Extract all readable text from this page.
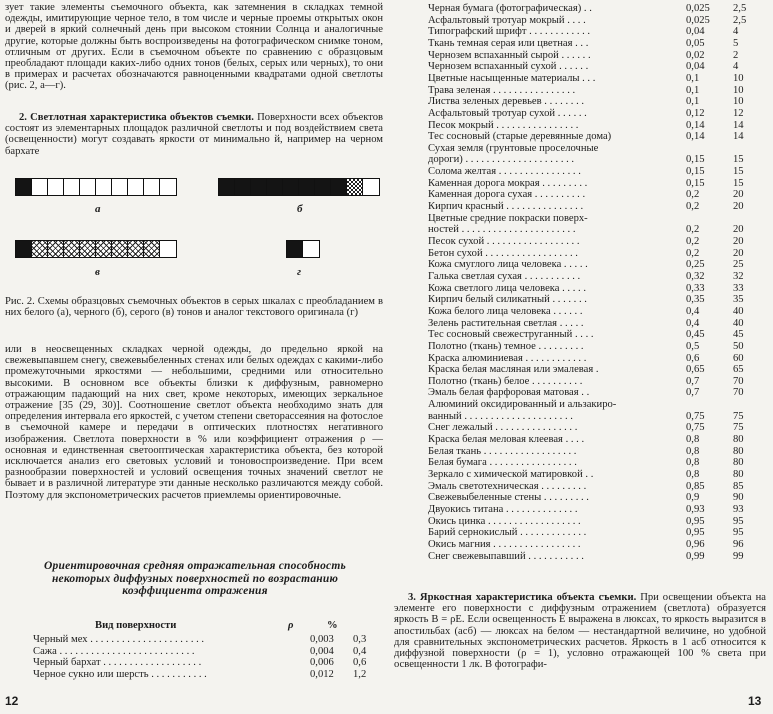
зует такие элементы съемочного объекта, как затемнения в складках темной одежды, имитирующие черное тело, в том числе и черные проемы открытых окон и дверей в яркий солнечный день при высоком стоянии Солнца и аналогичные другие, которые должны быть воспроизведены на фотографическом снимке тоном, отличным от других. Если в съемочном объекте по сравнению с образцовым преобладают площади каких-либо одних тонов (белых, серых или черных), то они в примерах и расчетах обозначаются равноценными квадратами одной светлоты (рис. 2, а—г).

2. Светлотная характеристика объектов съемки. Поверхности всех объектов состоят из элементарных площадок различной светлоты и под воздействием света (освещенности) могут создавать яркости от минимально й, например на черном бархате

а	б
в	г
Рис. 2. Схемы образцовых съемочных объектов в серых шкалах с преобладанием в них белого (а), черного (б), серого (в) тонов и аналог текстового оригинала (г)

или в неосвещенных складках черной одежды, до предельно яркой на свежевыпавшем снегу, свежевыбеленных стенах или белых одеждах с какими-либо промежуточными яркостями — небольшими, средними или относительно высокими. В основном все объекты близки к диффузным, равномерно отражающим падающий на них свет, кроме некоторых, имеющих зеркальное отражение [35 (29, 30)]. Соотношение светлот объекта необходимо знать для определения интервала его яркостей, с учетом степени светорассеяния на фотослое в съемочной камере и передачи в оптических плотностях негативного изображения. Светлота поверхности в % или коэффициент отражения ρ — основная и единственная светооптическая характеристика объекта, без которой исключается анализ его световых условий и тоновоспроизведение. При всем разнообразии поверхностей и условий освещения точных значений светлот не бывает и в различной литературе эти данные несколько различаются между собой. Поэтому для экспонометрических расчетов приемлемы ориентировочные.

Ориентировочная средняя отражательная способность некоторых диффузных поверхностей по возрастанию коэффициента отражения
Вид поверхности	ρ	%
Черный мех . . . . . . . . . . . . . . . . . . . . . .	0,003 0,3
Сажа . . . . . . . . . . . . . . . . . . . . . . . . . .	0,004 0,4
Черный бархат . . . . . . . . . . . . . . . . . . .	0,006 0,6
Черное сукно или шерсть . . . . . . . . . . .	0,012 1,2
12
Черная бумага (фотографическая) . .	0,025 2,5
Асфальтовый тротуар мокрый . . . .	0,025 2,5
Типографский шрифт . . . . . . . . . . . .	0,04	4
Ткань темная серая или цветная . . .	0,05	5
Чернозем вспаханный сырой . . . . . .	0,02	2
Чернозем вспаханный сухой . . . . . .	0,04	4
Цветные насыщенные материалы . . .	0,1	10
Трава зеленая . . . . . . . . . . . . . . . .	0,1	10
Листва зеленых деревьев . . . . . . . .	0,1	10
Асфальтовый тротуар сухой . . . . . .	0,12	12
Песок мокрый . . . . . . . . . . . . . . . .	0,14	14
Тес сосновый (старые деревянные дома)	0,14	14
Сухая земля (грунтовые проселочные
дороги) . . . . . . . . . . . . . . . . . . . . .	0,15	15
Солома желтая . . . . . . . . . . . . . . . .	0,15	15
Каменная дорога мокрая . . . . . . . . .	0,15	15
Каменная дорога сухая . . . . . . . . . .	0,2	20
Кирпич красный . . . . . . . . . . . . . . .	0,2	20
Цветные средние покраски поверх-
ностей . . . . . . . . . . . . . . . . . . . . . .	0,2	20
Песок сухой . . . . . . . . . . . . . . . . . .	0,2	20
Бетон сухой . . . . . . . . . . . . . . . . . .	0,2	20
Кожа смуглого лица человека . . . . .	0,25	25
Галька светлая сухая . . . . . . . . . . .	0,32	32
Кожа светлого лица человека . . . . .	0,33	33
Кирпич белый силикатный . . . . . . .	0,35	35
Кожа белого лица человека . . . . . .	0,4	40
Зелень растительная светлая . . . . .	0,4	40
Тес сосновый свежеструганный . . . .	0,45	45
Полотно (ткань) темное . . . . . . . . .	0,5	50
Краска алюминиевая . . . . . . . . . . . .	0,6	60
Краска белая масляная или эмалевая .	0,65	65
Полотно (ткань) белое . . . . . . . . . .	0,7	70
Эмаль белая фарфоровая матовая . .	0,7	70
Алюминий оксидированный и альзакиро-
ванный . . . . . . . . . . . . . . . . . . . . .	0,75	75
Снег лежалый . . . . . . . . . . . . . . . .	0,75	75
Краска белая меловая клеевая . . . .	0,8	80
Белая ткань . . . . . . . . . . . . . . . . . .	0,8	80
Белая бумага . . . . . . . . . . . . . . . . .	0,8	80
Зеркало с химической матировкой . .	0,8	80
Эмаль светотехническая . . . . . . . . .	0,85	85
Свежевыбеленные стены . . . . . . . . .	0,9	90
Двуокись титана . . . . . . . . . . . . . .	0,93	93
Окись цинка . . . . . . . . . . . . . . . . . .	0,95	95
Барий сернокислый . . . . . . . . . . . . .	0,95	95
Окись магния . . . . . . . . . . . . . . . . .	0,96	96
Снег свежевыпавший . . . . . . . . . . .	0,99	99

3. Яркостная характеристика объекта съемки. При освещении объекта на элементе его поверхности с диффузным отражением (светлота) образуется яркость B = ρE. Если освещенность E выражена в люксах, то яркость выразится в апостильбах (асб) — люксах на белом — нестандартной величине, но удобной для сравнительных экспонометрических расчетов. Яркость в 1 асб относится к диффузной поверхности (ρ = 1), условно отражающей 100 % света при освещенности 1 лк. В фотографи-

13
